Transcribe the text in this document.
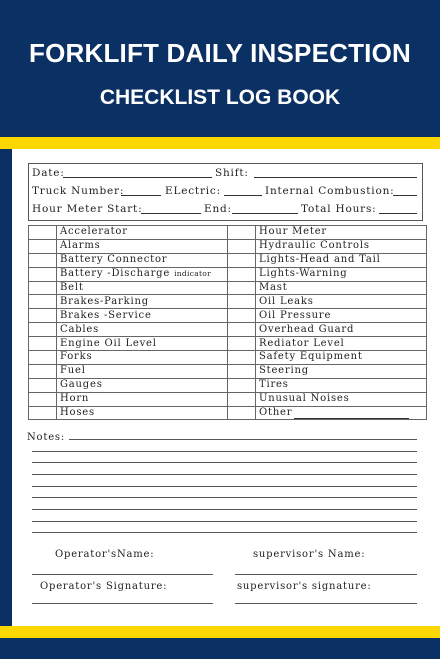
FORKLIFT DAILY INSPECTION
CHECKLIST LOG BOOK
Date:	Shift:
Truck Number:	ELectric:	Internal Combustion:
Hour Meter Start:	End:	Total Hours:
	Accelerator		Hour Meter
	Alarms		Hydraulic Controls
	Battery Connector		Lights-Head and Tail
	Battery -Discharge indicator		Lights-Warning
	Belt		Mast
	Brakes-Parking		Oil Leaks
	Brakes -Service		Oil Pressure
	Cables		Overhead Guard
	Engine Oil Level		Rediator Level
	Forks		Safety Equipment
	Fuel		Steering
	Gauges		Tires
	Horn		Unusual Noises
	Hoses		Other
Notes:
Operator'sName:	supervisor's Name:
Operator's Signature:	supervisor's signature:
